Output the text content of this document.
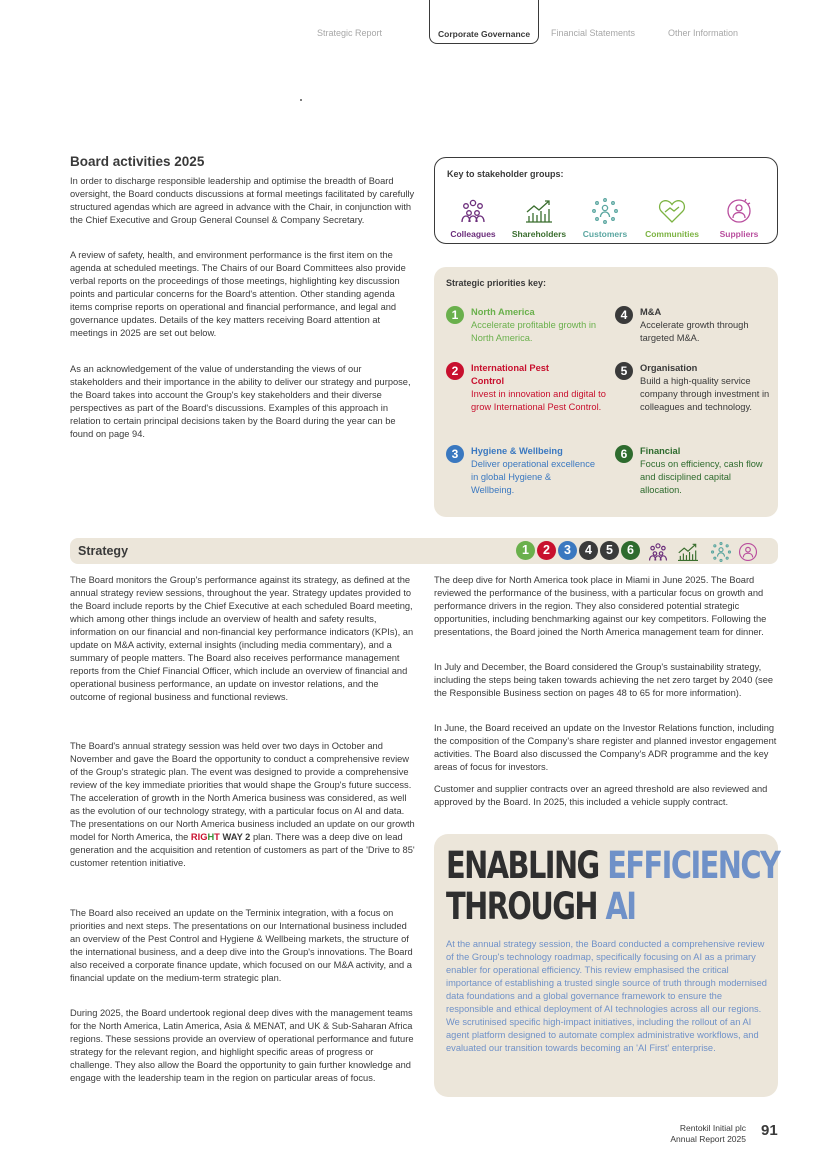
Strategic Report	Corporate Governance	Financial Statements	Other Information
Board activities 2025

In order to discharge responsible leadership and optimise the breadth of Board oversight, the Board conducts discussions at formal meetings facilitated by carefully structured agendas which are agreed in advance with the Chair, in conjunction with the Chief Executive and Group General Counsel & Company Secretary.

A review of safety, health, and environment performance is the first item on the agenda at scheduled meetings. The Chairs of our Board Committees also provide verbal reports on the proceedings of those meetings, highlighting key discussion points and particular concerns for the Board's attention. Other standing agenda items comprise reports on operational and financial performance, and legal and governance updates. Details of the key matters receiving Board attention at meetings in 2025 are set out below.

As an acknowledgement of the value of understanding the views of our stakeholders and their importance in the ability to deliver our strategy and purpose, the Board takes into account the Group's key stakeholders and their diverse perspectives as part of the Board's discussions. Examples of this approach in relation to certain principal decisions taken by the Board during the year can be found on page 94.

Key to stakeholder groups:
Colleagues	Shareholders	Customers	Communities	Suppliers
Strategic priorities key:
1	North America
Accelerate profitable growth in North America.
2	International Pest Control
Invest in innovation and digital to grow International Pest Control.
3	Hygiene & Wellbeing
Deliver operational excellence in global Hygiene & Wellbeing.
4	M&A
Accelerate growth through targeted M&A.
5	Organisation
Build a high-quality service company through investment in colleagues and technology.
6	Financial
Focus on efficiency, cash flow and disciplined capital allocation.
Strategy	1	2	3	4	5	6

The Board monitors the Group's performance against its strategy, as defined at the annual strategy review sessions, throughout the year. Strategy updates provided to the Board include reports by the Chief Executive at each scheduled Board meeting, which among other things include an overview of health and safety results, information on our financial and non-financial key performance indicators (KPIs), an update on M&A activity, external insights (including media commentary), and a summary of people matters. The Board also receives performance management reports from the Chief Financial Officer, which include an overview of financial and operational business performance, an update on investor relations, and the outcome of regional business and functional reviews.

The Board's annual strategy session was held over two days in October and November and gave the Board the opportunity to conduct a comprehensive review of the Group's strategic plan. The event was designed to provide a comprehensive review of the key immediate priorities that would shape the Group's future success. The acceleration of growth in the North America business was considered, as well as the evolution of our technology strategy, with a particular focus on AI and data. The presentations on our North America business included an update on our growth model for North America, the RIGHT WAY 2 plan. There was a deep dive on lead generation and the acquisition and retention of customers as part of the 'Drive to 85' customer retention initiative.

The Board also received an update on the Terminix integration, with a focus on priorities and next steps. The presentations on our International business included an overview of the Pest Control and Hygiene & Wellbeing markets, the structure of the international business, and a deep dive into the Group's innovations. The Board also received a corporate finance update, which focused on our M&A activity, and a financial update on the medium-term strategic plan.

During 2025, the Board undertook regional deep dives with the management teams for the North America, Latin America, Asia & MENAT, and UK & Sub-Saharan Africa regions. These sessions provide an overview of operational performance and future strategy for the relevant region, and highlight specific areas of progress or challenge. They also allow the Board the opportunity to gain further knowledge and engage with the leadership team in the region on particular areas of focus.

The deep dive for North America took place in Miami in June 2025. The Board reviewed the performance of the business, with a particular focus on growth and performance drivers in the region. They also considered potential strategic opportunities, including benchmarking against our key competitors. Following the presentations, the Board joined the North America management team for dinner.

In July and December, the Board considered the Group's sustainability strategy, including the steps being taken towards achieving the net zero target by 2040 (see the Responsible Business section on pages 48 to 65 for more information).

In June, the Board received an update on the Investor Relations function, including the composition of the Company's share register and planned investor engagement activities. The Board also discussed the Company's ADR programme and the key areas of focus for investors.

Customer and supplier contracts over an agreed threshold are also reviewed and approved by the Board. In 2025, this included a vehicle supply contract.

ENABLING EFFICIENCY
THROUGH AI

At the annual strategy session, the Board conducted a comprehensive review of the Group's technology roadmap, specifically focusing on AI as a primary enabler for operational efficiency. This review emphasised the critical importance of establishing a trusted single source of truth through modernised data foundations and a global governance framework to ensure the responsible and ethical deployment of AI technologies across all our regions. We scrutinised specific high-impact initiatives, including the rollout of an AI agent platform designed to automate complex administrative workflows, and evaluated our transition towards becoming an 'AI First' enterprise.

Rentokil Initial plc
Annual Report 2025 91
